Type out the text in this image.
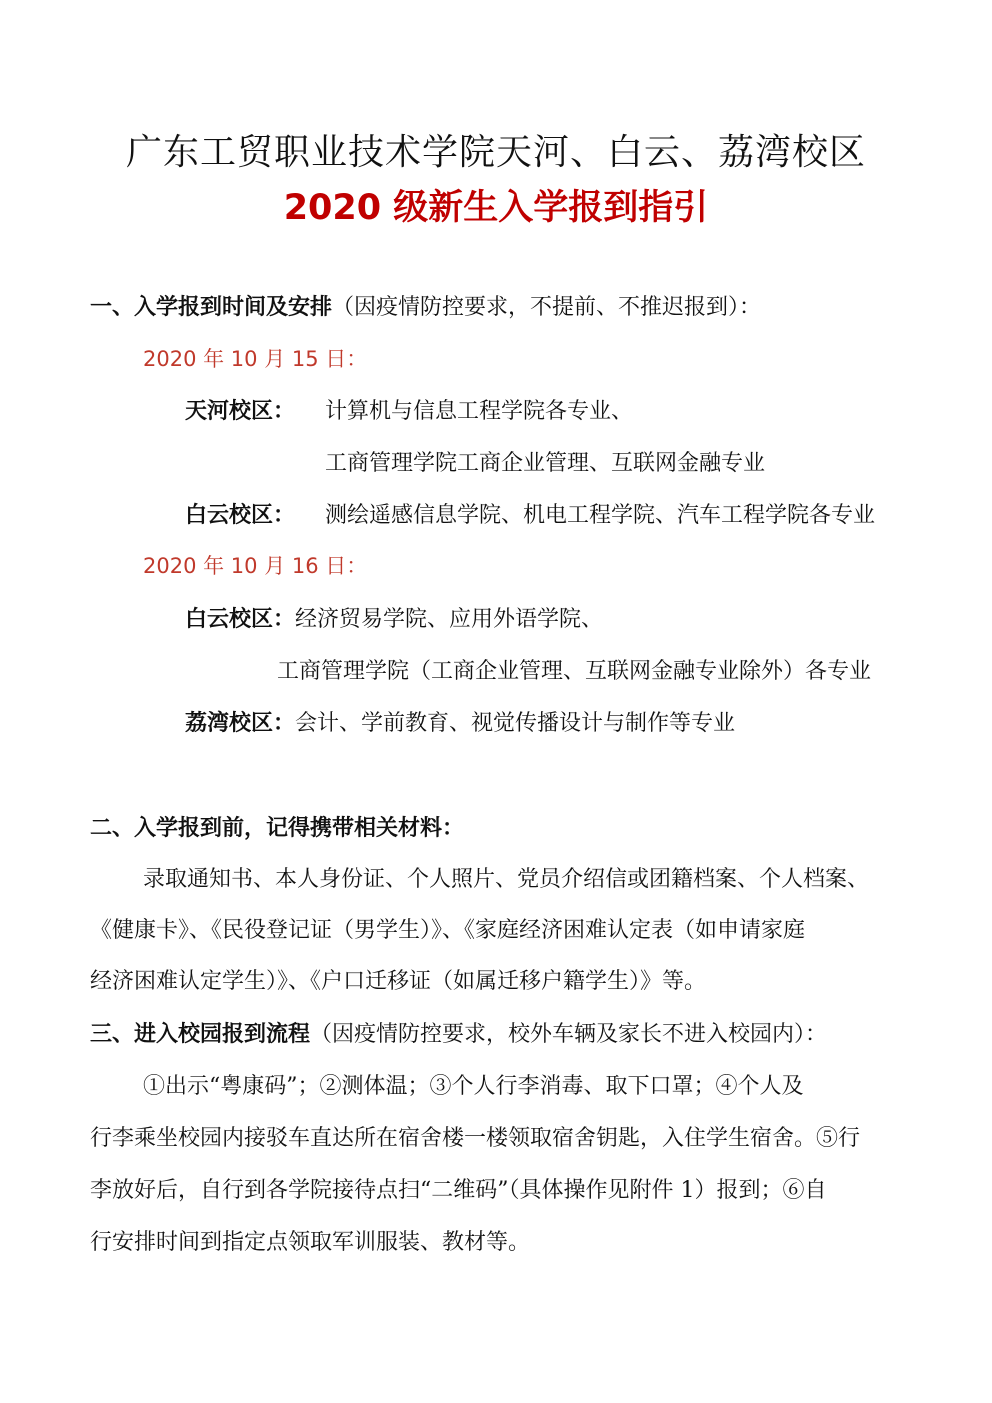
广东工贸职业技术学院天河、白云、荔湾校区
2020 级新生入学报到指引
一、入学报到时间及安排（因疫情防控要求，不提前、不推迟报到）：
2020 年 10 月 15 日：
天河校区： 计算机与信息工程学院各专业、
工商管理学院工商企业管理、互联网金融专业
白云校区： 测绘遥感信息学院、机电工程学院、汽车工程学院各专业
2020 年 10 月 16 日：
白云校区：经济贸易学院、应用外语学院、
工商管理学院（工商企业管理、互联网金融专业除外）各专业
荔湾校区：会计、学前教育、视觉传播设计与制作等专业
二、入学报到前，记得携带相关材料：
录取通知书、本人身份证、个人照片、党员介绍信或团籍档案、个人档案、
《健康卡》、《民役登记证（男学生）》、《家庭经济困难认定表（如申请家庭
经济困难认定学生）》、《户口迁移证（如属迁移户籍学生）》等。
三、进入校园报到流程（因疫情防控要求，校外车辆及家长不进入校园内）：
①出示“粤康码”；②测体温；③个人行李消毒、取下口罩；④个人及
行李乘坐校园内接驳车直达所在宿舍楼一楼领取宿舍钥匙，入住学生宿舍。⑤行
李放好后，自行到各学院接待点扫“二维码”（具体操作见附件 1）报到；⑥自
行安排时间到指定点领取军训服装、教材等。
